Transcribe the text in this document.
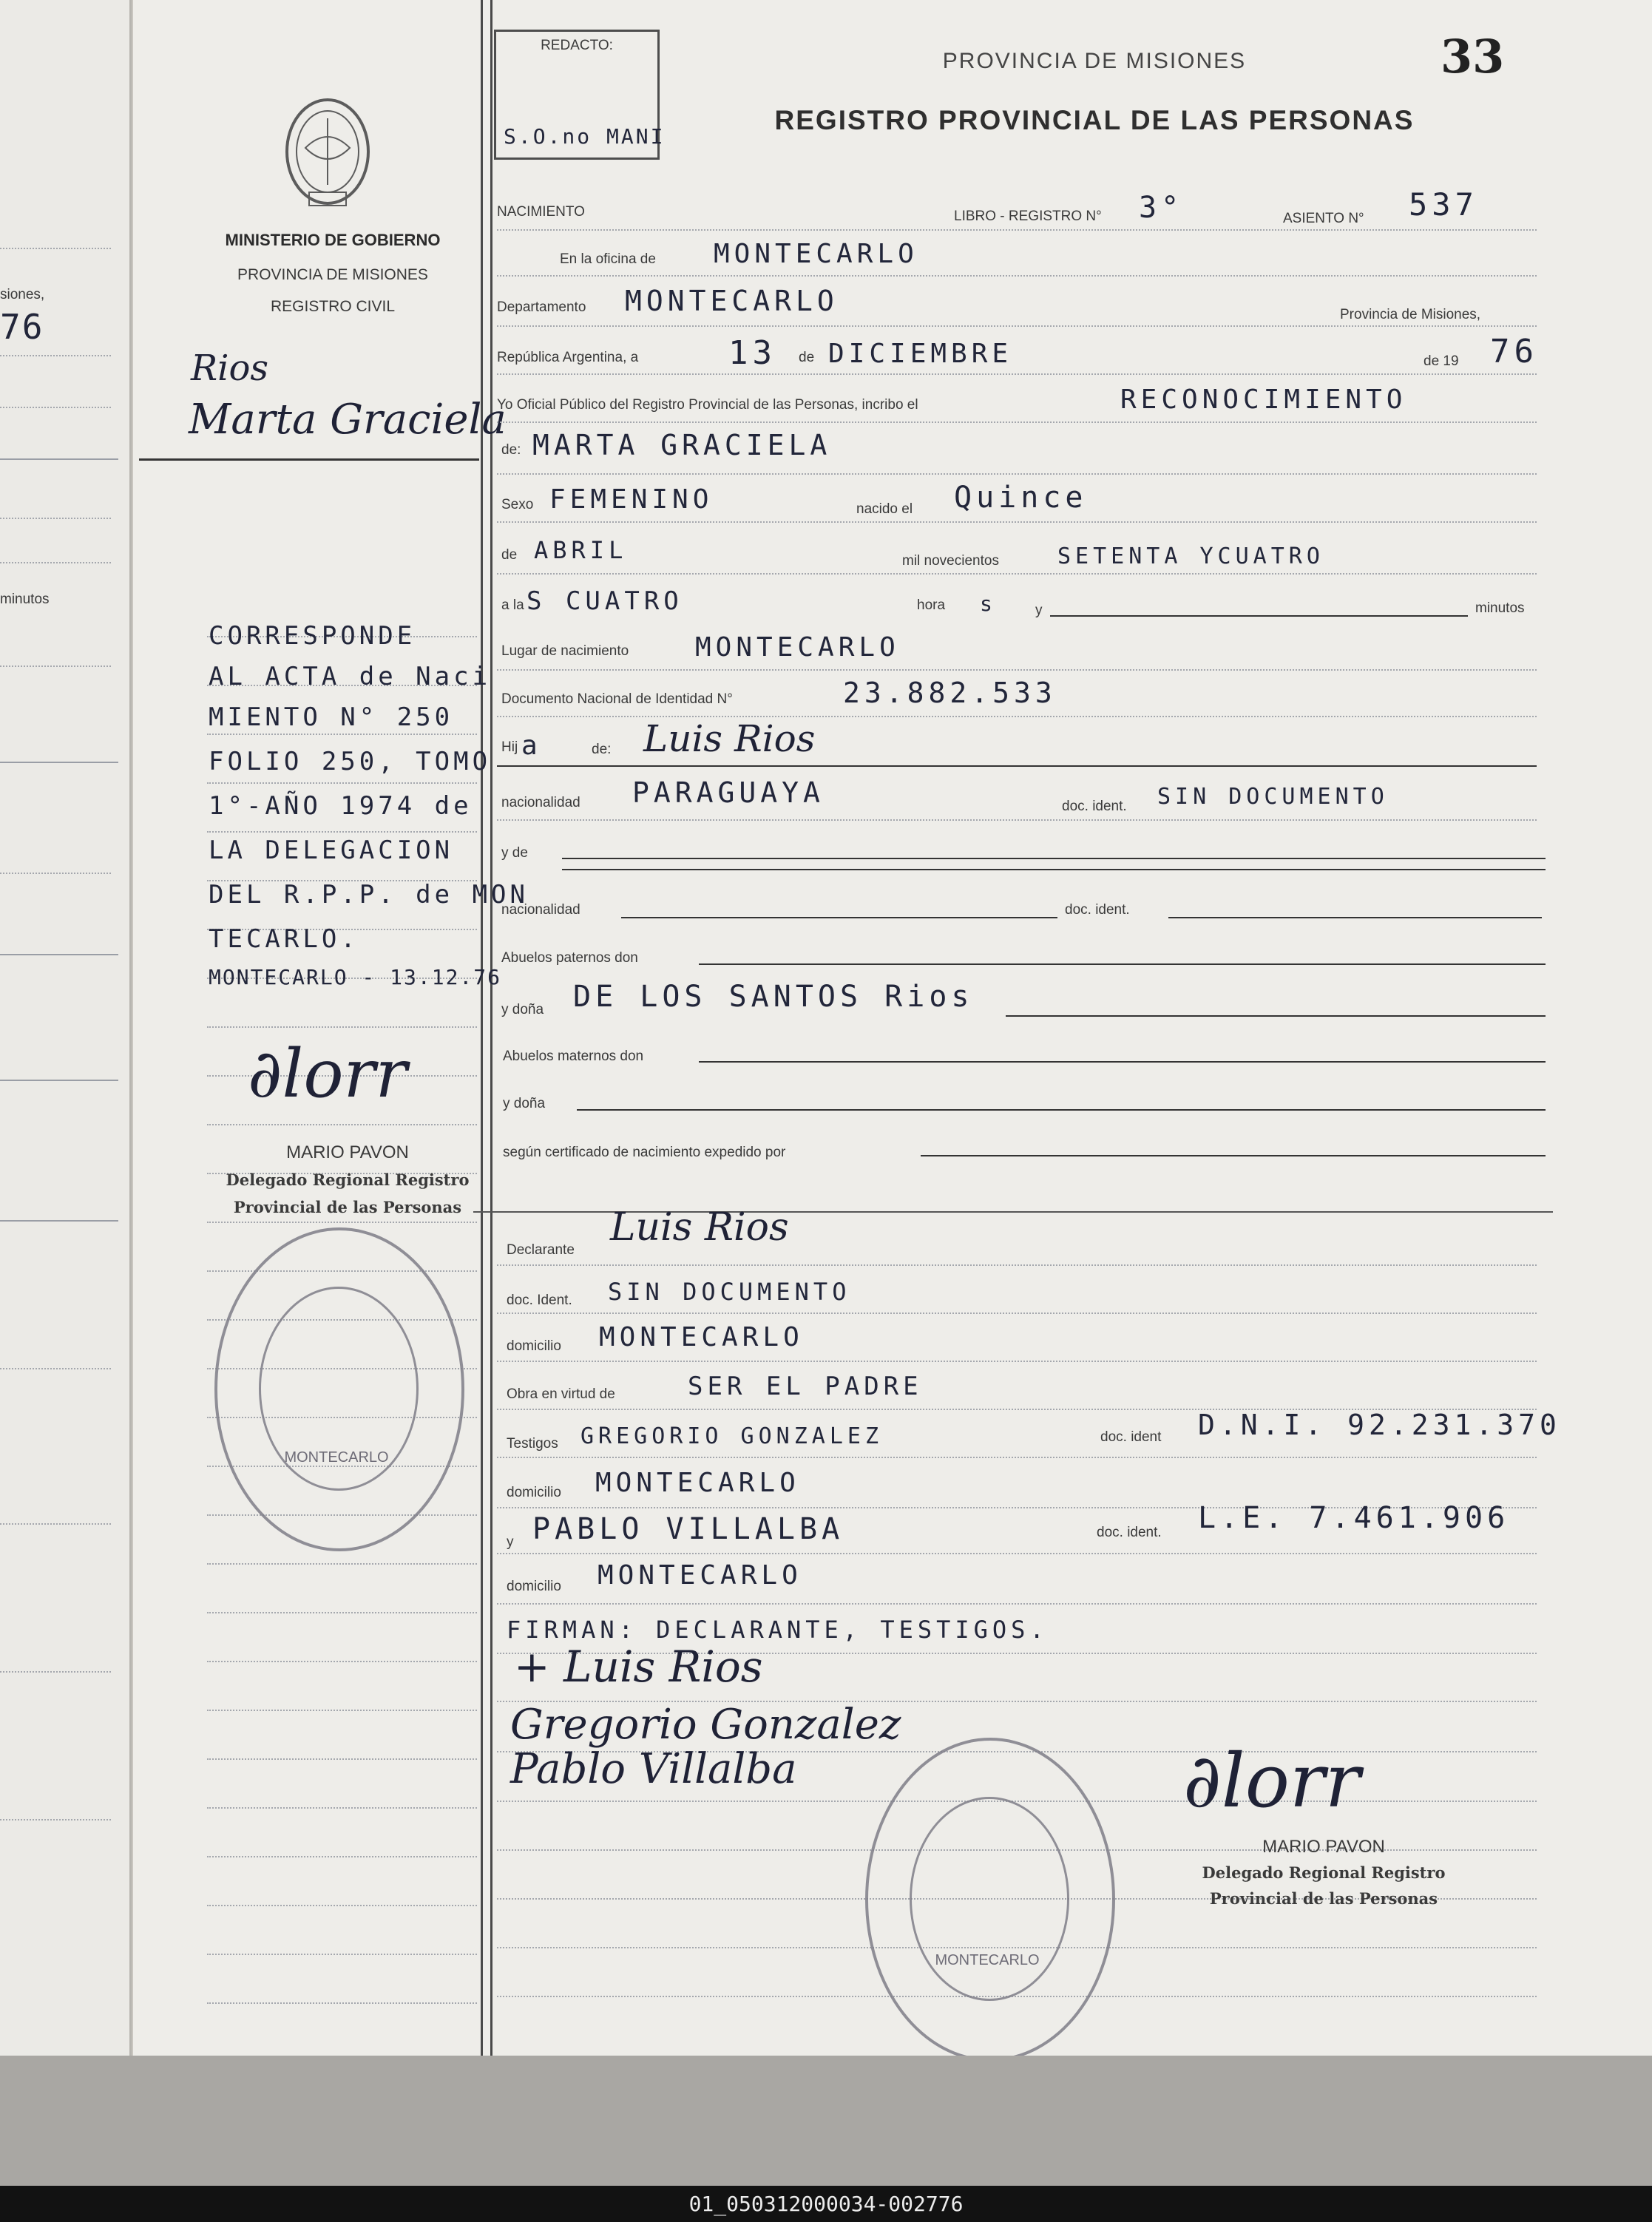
siones,
76
minutos
MINISTERIO DE GOBIERNO
PROVINCIA DE MISIONES
REGISTRO CIVIL
Rios
Marta Graciela
CORRESPONDE
AL ACTA de Naci
MIENTO N° 250
FOLIO 250, TOMO
1°-AÑO 1974 de
LA DELEGACION
DEL R.P.P. de MON
TECARLO.
MONTECARLO - 13.12.76
∂lorr
MARIO PAVON
Delegado Regional Registro
Provincial de las Personas
MONTECARLO
REDACTO:
S.O.no MANI
PROVINCIA DE MISIONES
REGISTRO PROVINCIAL DE LAS PERSONAS
33
NACIMIENTO	LIBRO - REGISTRO N° 3°	ASIENTO N° 537
En la oficina de MONTECARLO
Departamento MONTECARLO	Provincia de Misiones,
República Argentina, a	13 de DICIEMBRE	de 19 76
Yo Oficial Público del Registro Provincial de las Personas, incribo el	RECONOCIMIENTO
de: MARTA GRACIELA
Sexo FEMENINO	nacido el Quince
de ABRIL	mil novecientos	SETENTA YCUATRO
a la S CUATRO	hora s	y	minutos
Lugar de nacimiento MONTECARLO
Documento Nacional de Identidad N°	23.882.533
Hij a	de: Luis Rios
nacionalidad PARAGUAYA	doc. ident. SIN DOCUMENTO
y de
nacionalidad	doc. ident.
Abuelos paternos don
y doña DE LOS SANTOS Rios
Abuelos maternos don
y doña
según certificado de nacimiento expedido por
Declarante
Luis Rios
doc. Ident. SIN DOCUMENTO
domicilio MONTECARLO
Obra en virtud de	SER EL PADRE
Testigos GREGORIO GONZALEZ	doc. ident D.N.I. 92.231.370
domicilio MONTECARLO
y PABLO VILLALBA	doc. ident. L.E. 7.461.906
domicilio MONTECARLO
FIRMAN: DECLARANTE, TESTIGOS.
+ Luis Rios
Gregorio Gonzalez
Pablo Villalba	∂lorr
MARIO PAVON
Delegado Regional Registro
Provincial de las Personas
MONTECARLO
01_050312000034-002776
